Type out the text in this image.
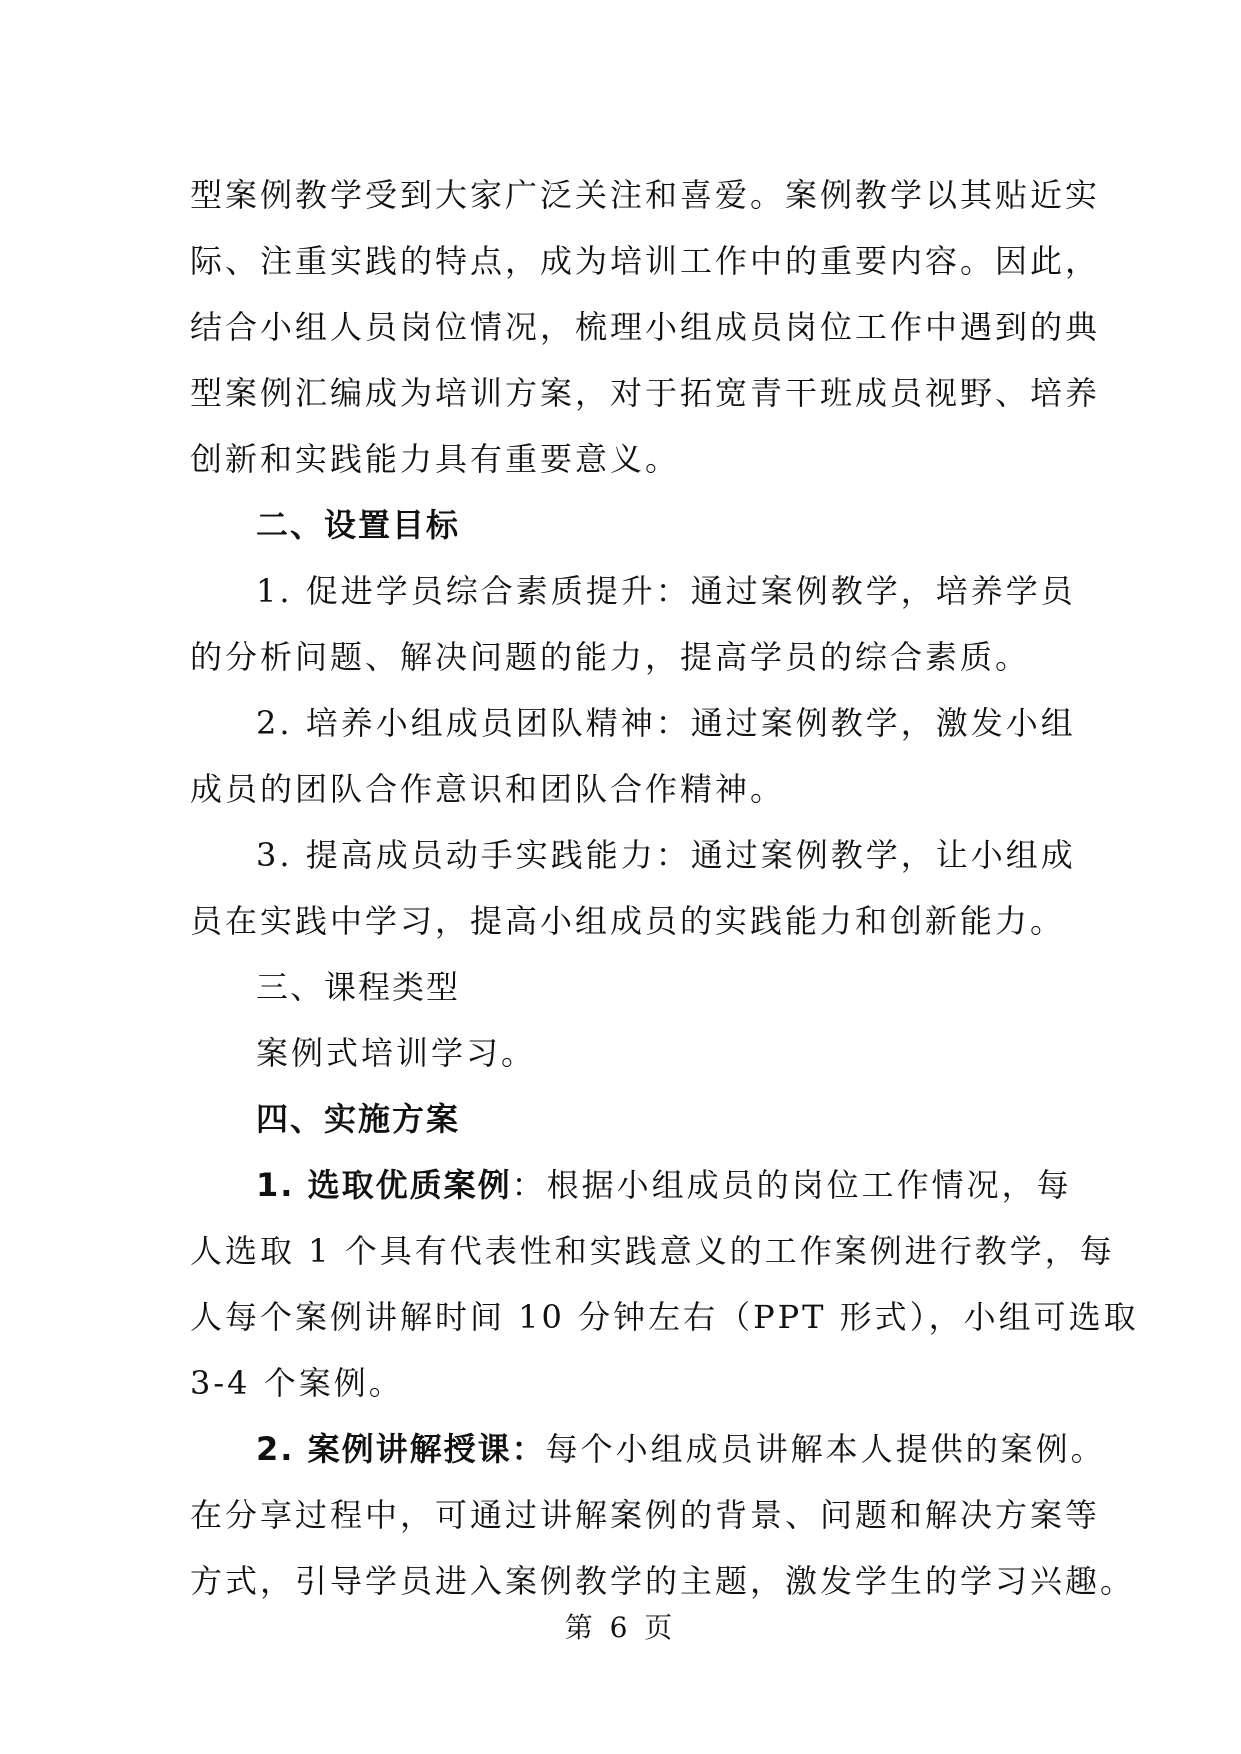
型案例教学受到大家广泛关注和喜爱。案例教学以其贴近实
际、注重实践的特点，成为培训工作中的重要内容。因此，
结合小组人员岗位情况，梳理小组成员岗位工作中遇到的典
型案例汇编成为培训方案，对于拓宽青干班成员视野、培养
创新和实践能力具有重要意义。
二、设置目标
1. 促进学员综合素质提升：通过案例教学，培养学员
的分析问题、解决问题的能力，提高学员的综合素质。
2. 培养小组成员团队精神：通过案例教学，激发小组
成员的团队合作意识和团队合作精神。
3. 提高成员动手实践能力：通过案例教学，让小组成
员在实践中学习，提高小组成员的实践能力和创新能力。
三、课程类型
案例式培训学习。
四、实施方案
1. 选取优质案例：根据小组成员的岗位工作情况，每
人选取 1 个具有代表性和实践意义的工作案例进行教学，每
人每个案例讲解时间 10 分钟左右（PPT 形式），小组可选取
3-4 个案例。
2. 案例讲解授课：每个小组成员讲解本人提供的案例。
在分享过程中，可通过讲解案例的背景、问题和解决方案等
方式，引导学员进入案例教学的主题，激发学生的学习兴趣。
第 6 页
